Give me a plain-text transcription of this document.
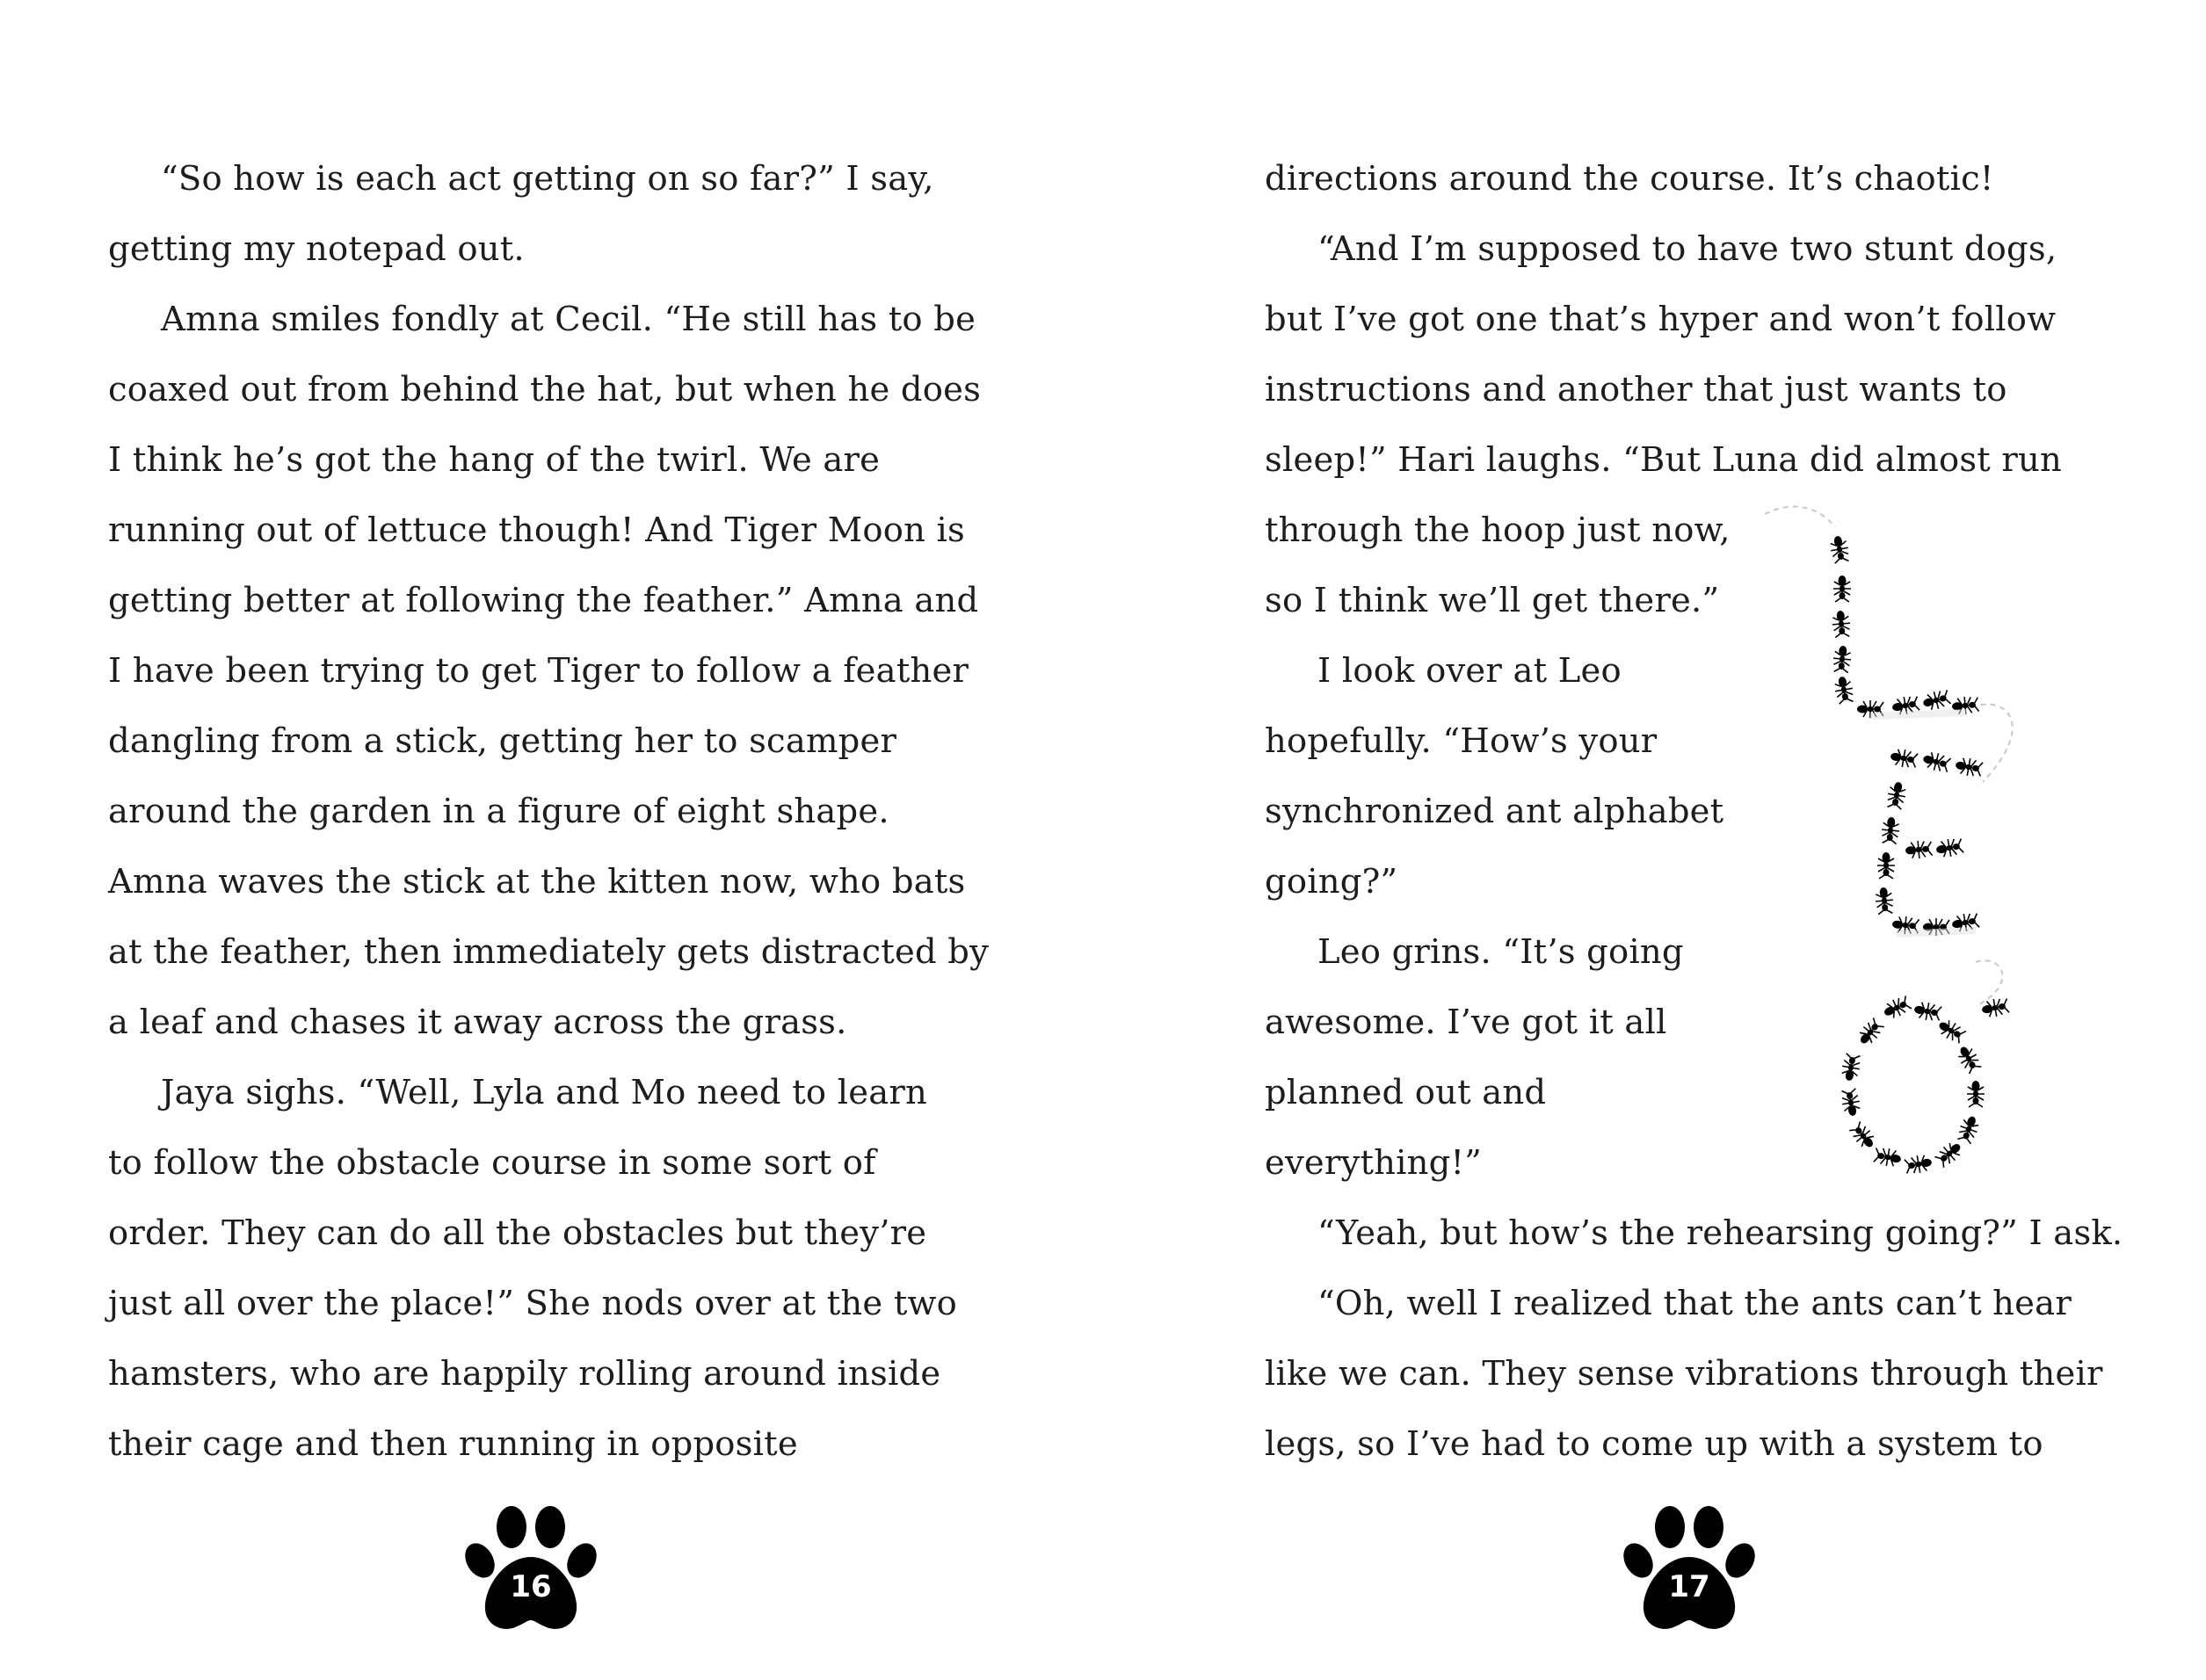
“So how is each act getting on so far?” I say,
getting my notepad out.
Amna smiles fondly at Cecil. “He still has to be
coaxed out from behind the hat, but when he does
I think he’s got the hang of the twirl. We are
running out of lettuce though! And Tiger Moon is
getting better at following the feather.” Amna and
I have been trying to get Tiger to follow a feather
dangling from a stick, getting her to scamper
around the garden in a figure of eight shape.
Amna waves the stick at the kitten now, who bats
at the feather, then immediately gets distracted by
a leaf and chases it away across the grass.
Jaya sighs. “Well, Lyla and Mo need to learn
to follow the obstacle course in some sort of
order. They can do all the obstacles but they’re
just all over the place!” She nods over at the two
hamsters, who are happily rolling around inside
their cage and then running in opposite
16
directions around the course. It’s chaotic!
“And I’m supposed to have two stunt dogs,
but I’ve got one that’s hyper and won’t follow
instructions and another that just wants to
sleep!” Hari laughs. “But Luna did almost run
through the hoop just now,
so I think we’ll get there.”
I look over at Leo
hopefully. “How’s your
synchronized ant alphabet
going?”
Leo grins. “It’s going
awesome. I’ve got it all
planned out and
everything!”
“Yeah, but how’s the rehearsing going?” I ask.
“Oh, well I realized that the ants can’t hear
like we can. They sense vibrations through their
legs, so I’ve had to come up with a system to
17
